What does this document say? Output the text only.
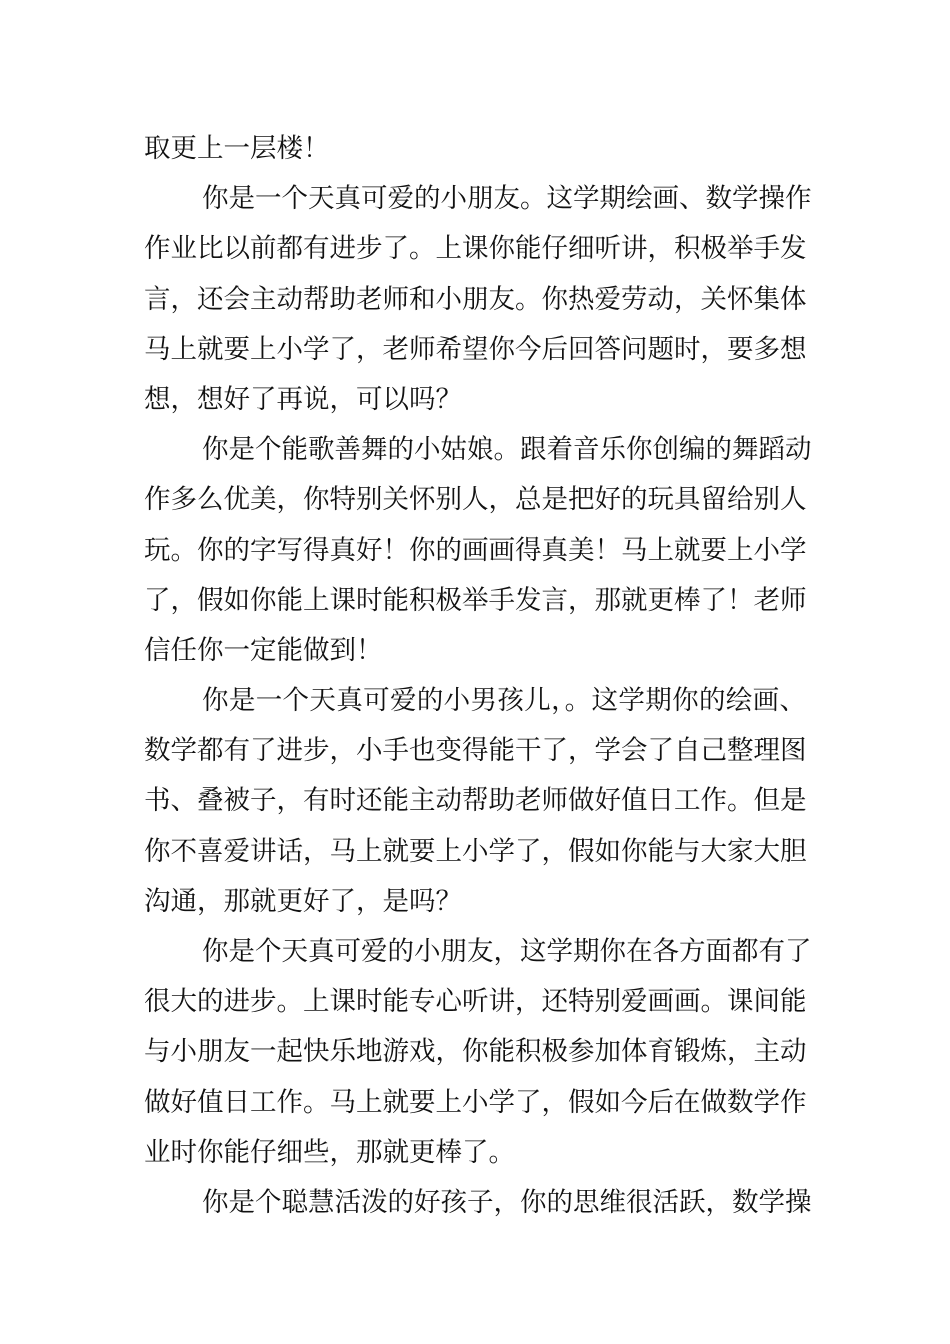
取更上一层楼！
你是一个天真可爱的小朋友。这学期绘画、数学操作
作业比以前都有进步了。上课你能仔细听讲，积极举手发
言，还会主动帮助老师和小朋友。你热爱劳动，关怀集体
马上就要上小学了，老师希望你今后回答问题时，要多想
想，想好了再说，可以吗？
你是个能歌善舞的小姑娘。跟着音乐你创编的舞蹈动
作多么优美，你特别关怀别人，总是把好的玩具留给别人
玩。你的字写得真好！你的画画得真美！马上就要上小学
了，假如你能上课时能积极举手发言，那就更棒了！老师
信任你一定能做到！
你是一个天真可爱的小男孩儿，。这学期你的绘画、
数学都有了进步，小手也变得能干了，学会了自己整理图
书、叠被子，有时还能主动帮助老师做好值日工作。但是
你不喜爱讲话，马上就要上小学了，假如你能与大家大胆
沟通，那就更好了，是吗？
你是个天真可爱的小朋友，这学期你在各方面都有了
很大的进步。上课时能专心听讲，还特别爱画画。课间能
与小朋友一起快乐地游戏，你能积极参加体育锻炼，主动
做好值日工作。马上就要上小学了，假如今后在做数学作
业时你能仔细些，那就更棒了。
你是个聪慧活泼的好孩子，你的思维很活跃，数学操
